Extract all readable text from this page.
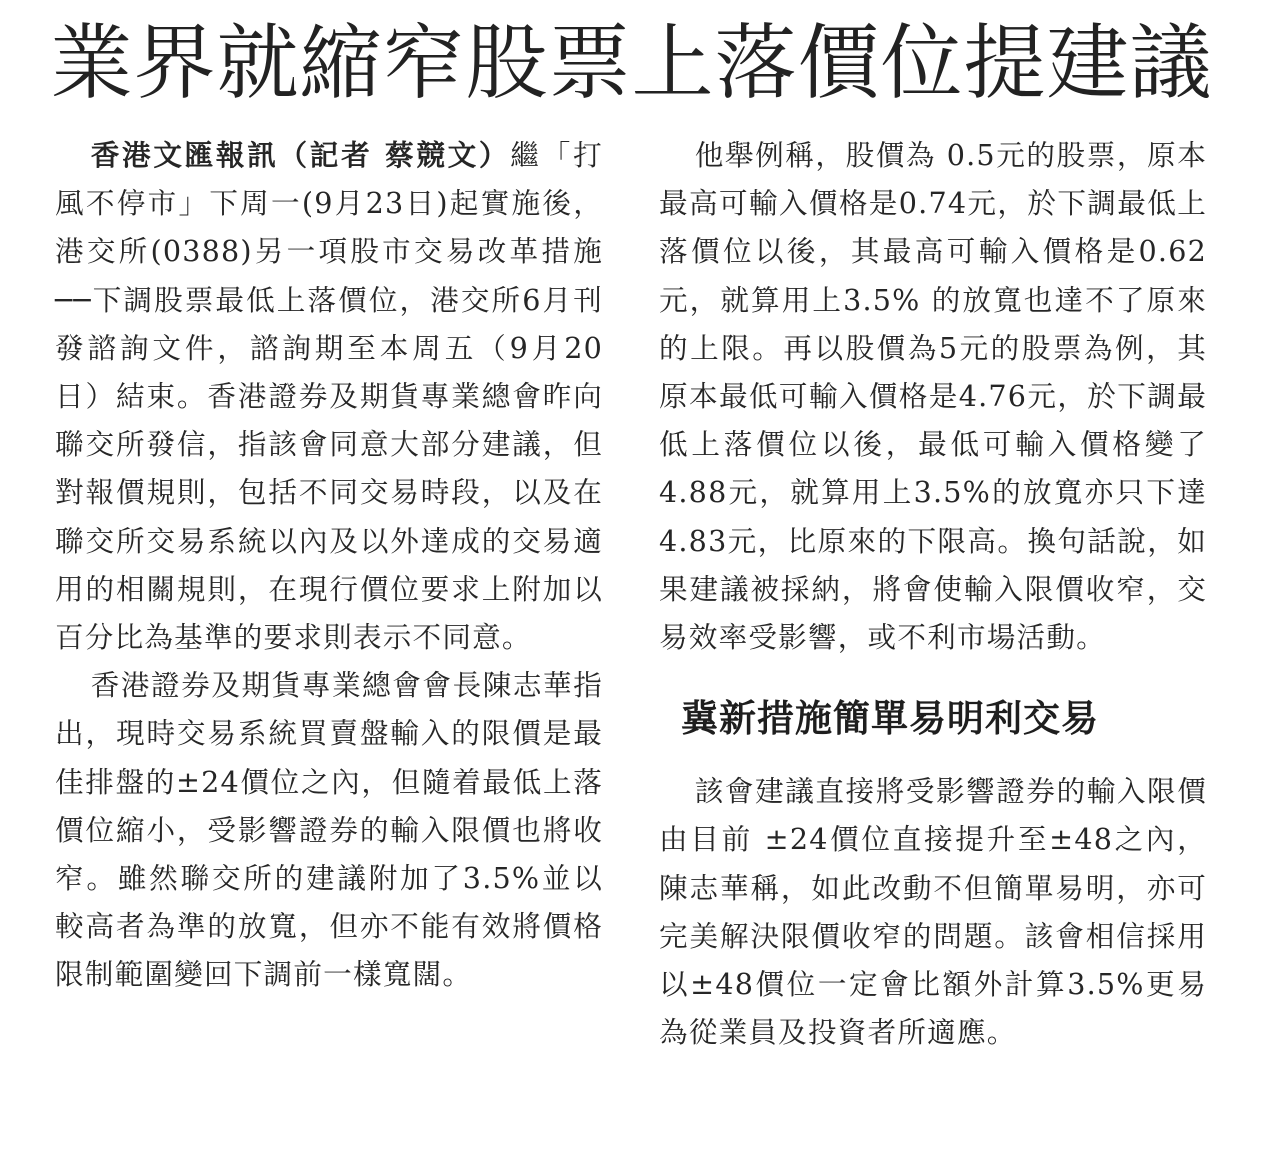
業界就縮窄股票上落價位提建議

香港文匯報訊（記者 蔡競文）繼「打風不停市」下周一(9月23日)起實施後，港交所(0388)另一項股市交易改革措施──下調股票最低上落價位，港交所6月刊發諮詢文件，諮詢期至本周五（9月20日）結束。香港證券及期貨專業總會昨向聯交所發信，指該會同意大部分建議，但對報價規則，包括不同交易時段，以及在聯交所交易系統以內及以外達成的交易適用的相關規則，在現行價位要求上附加以百分比為基準的要求則表示不同意。

香港證券及期貨專業總會會長陳志華指出，現時交易系統買賣盤輸入的限價是最佳排盤的±24價位之內，但隨着最低上落價位縮小，受影響證券的輸入限價也將收窄。雖然聯交所的建議附加了3.5%並以較高者為準的放寬，但亦不能有效將價格限制範圍變回下調前一樣寬闊。

他舉例稱，股價為 0.5元的股票，原本最高可輸入價格是0.74元，於下調最低上落價位以後，其最高可輸入價格是0.62元，就算用上3.5% 的放寬也達不了原來的上限。再以股價為5元的股票為例，其原本最低可輸入價格是4.76元，於下調最低上落價位以後，最低可輸入價格變了4.88元，就算用上3.5%的放寬亦只下達4.83元，比原來的下限高。換句話說，如果建議被採納，將會使輸入限價收窄，交易效率受影響，或不利市場活動。

冀新措施簡單易明利交易

該會建議直接將受影響證券的輸入限價由目前 ±24價位直接提升至±48之內，陳志華稱，如此改動不但簡單易明，亦可完美解決限價收窄的問題。該會相信採用以±48價位一定會比額外計算3.5%更易為從業員及投資者所適應。
